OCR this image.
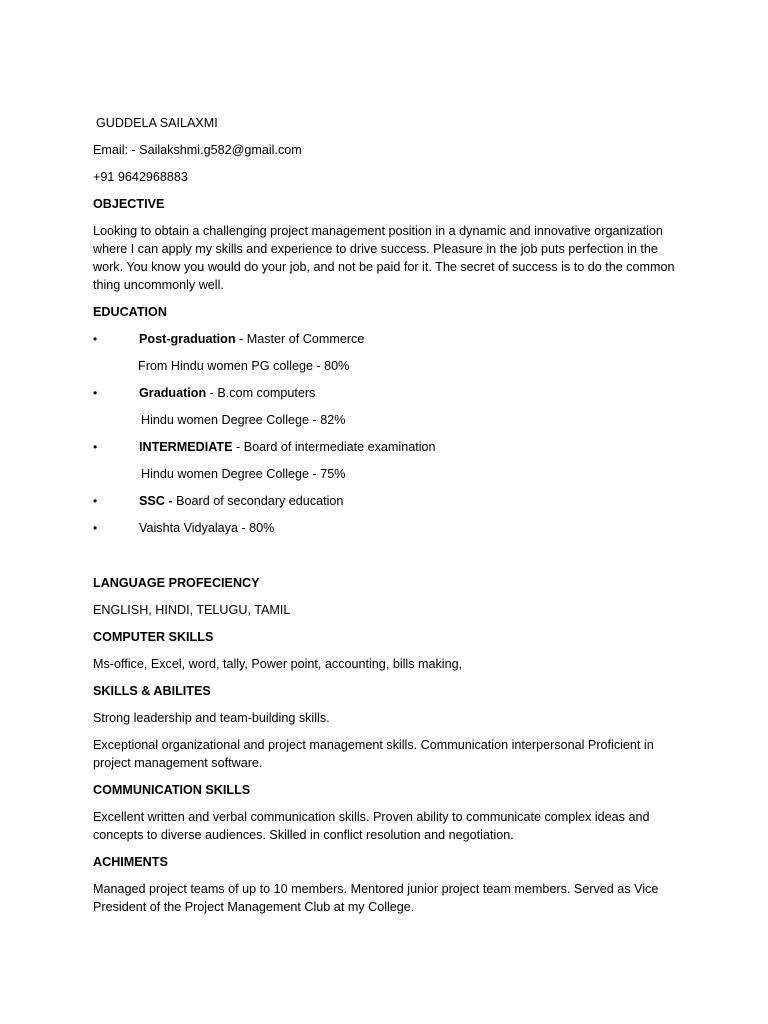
GUDDELA SAILAXMI
Email: - Sailakshmi.g582@gmail.com
+91 9642968883
OBJECTIVE
Looking to obtain a challenging project management position in a dynamic and innovative organization where I can apply my skills and experience to drive success. Pleasure in the job puts perfection in the work. You know you would do your job, and not be paid for it. The secret of success is to do the common thing uncommonly well.
EDUCATION
•	Post-graduation - Master of Commerce
From Hindu women PG college - 80%
•	Graduation - B.com computers
Hindu women Degree College - 82%
•	INTERMEDIATE - Board of intermediate examination
Hindu women Degree College - 75%
•	SSC - Board of secondary education
•	Vaishta Vidyalaya - 80%
LANGUAGE PROFECIENCY
ENGLISH, HINDI, TELUGU, TAMIL
COMPUTER SKILLS
Ms-office, Excel, word, tally, Power point, accounting, bills making,
SKILLS & ABILITES
Strong leadership and team-building skills.
Exceptional organizational and project management skills. Communication interpersonal Proficient in project management software.
COMMUNICATION SKILLS
Excellent written and verbal communication skills. Proven ability to communicate complex ideas and concepts to diverse audiences. Skilled in conflict resolution and negotiation.
ACHIMENTS
Managed project teams of up to 10 members. Mentored junior project team members. Served as Vice President of the Project Management Club at my College.
